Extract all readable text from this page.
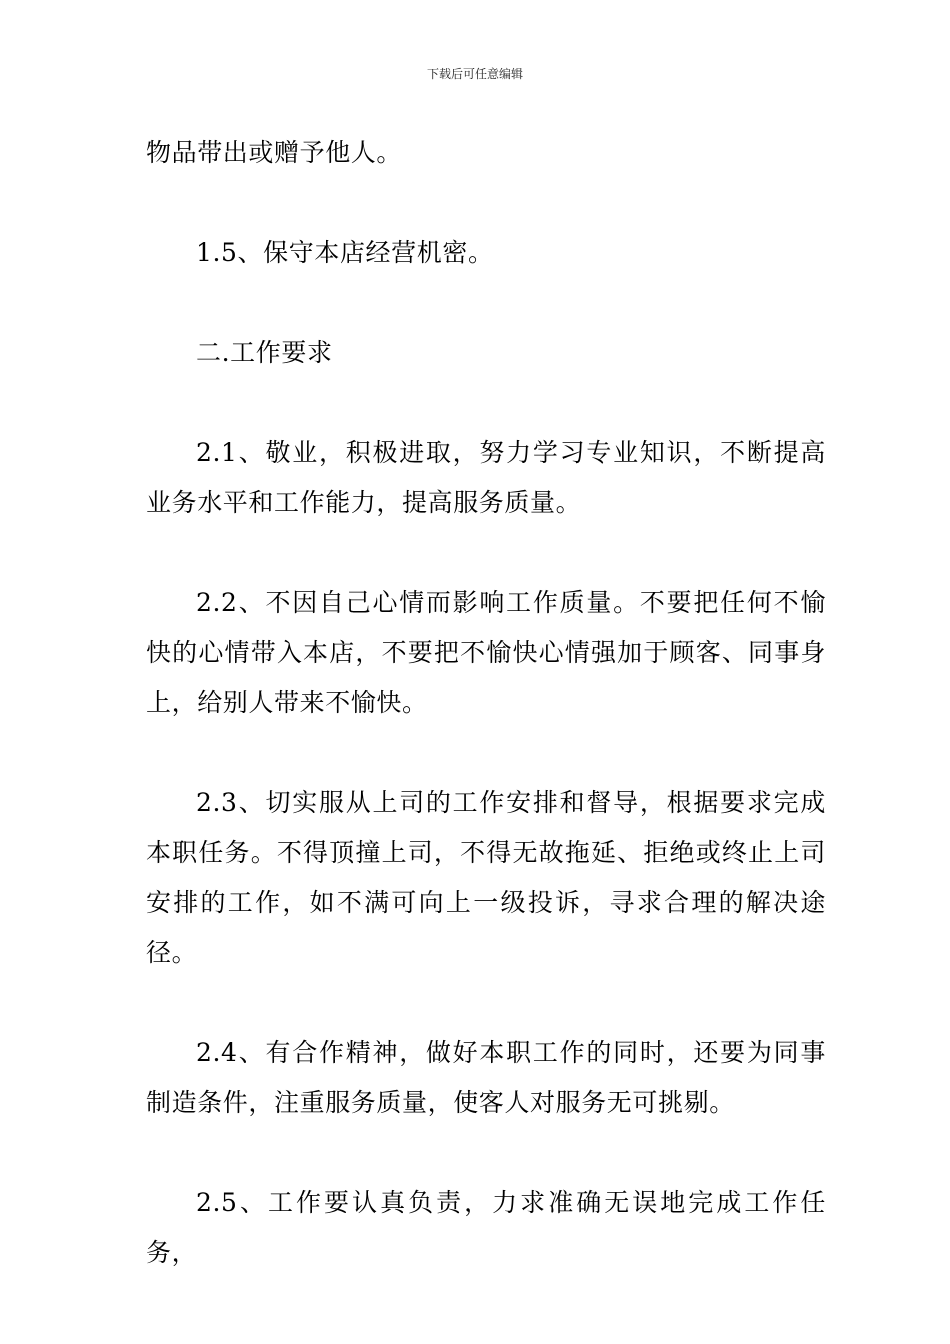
下载后可任意编辑

物品带出或赠予他人。

1.5、保守本店经营机密。

二.工作要求

2.1、敬业，积极进取，努力学习专业知识，不断提高业务水平和工作能力，提高服务质量。

2.2、不因自己心情而影响工作质量。不要把任何不愉快的心情带入本店，不要把不愉快心情强加于顾客、同事身上，给别人带来不愉快。

2.3、切实服从上司的工作安排和督导，根据要求完成本职任务。不得顶撞上司，不得无故拖延、拒绝或终止上司安排的工作，如不满可向上一级投诉，寻求合理的解决途径。

2.4、有合作精神，做好本职工作的同时，还要为同事制造条件，注重服务质量，使客人对服务无可挑剔。

2.5、工作要认真负责，力求准确无误地完成工作任务，
